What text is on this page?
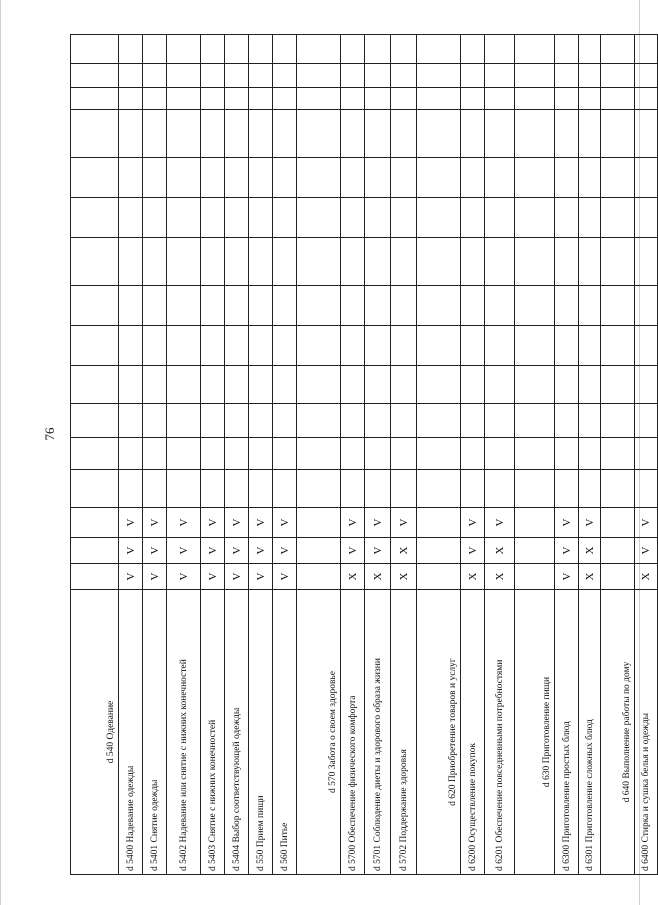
76
d 540 Одевание																
d 5400 Надевание одежды	V	V	V													
d 5401 Снятие одежды	V	V	V													
d 5402 Надевание или снятие с нижних конечностей	V	V	V													
d 5403 Снятие с нижних конечностей	V	V	V													
d 5404 Выбор соответствующей одежды	V	V	V													
d 550 Прием пищи	V	V	V													
d 560 Питье	V	V	V													
d 570 Забота о своем здоровье																
d 5700 Обеспечение физического комфорта	X	V	V													
d 5701 Соблюдение диеты и здорового образа жизни	X	V	V													
d 5702 Поддержание здоровья	X	X	V													
d 620 Приобретение товаров и услуг																
d 6200 Осуществление покупок	X	V	V													
d 6201 Обеспечение повседневными потребностями	X	X	V													
d 630 Приготовление пищи																
d 6300 Приготовление простых блюд	V	V	V													
d 6301 Приготовление сложных блюд	X	X	V													
d 640 Выполнение работы по дому																
d 6400 Стирка и сушка белья и одежды	X	V	V													
